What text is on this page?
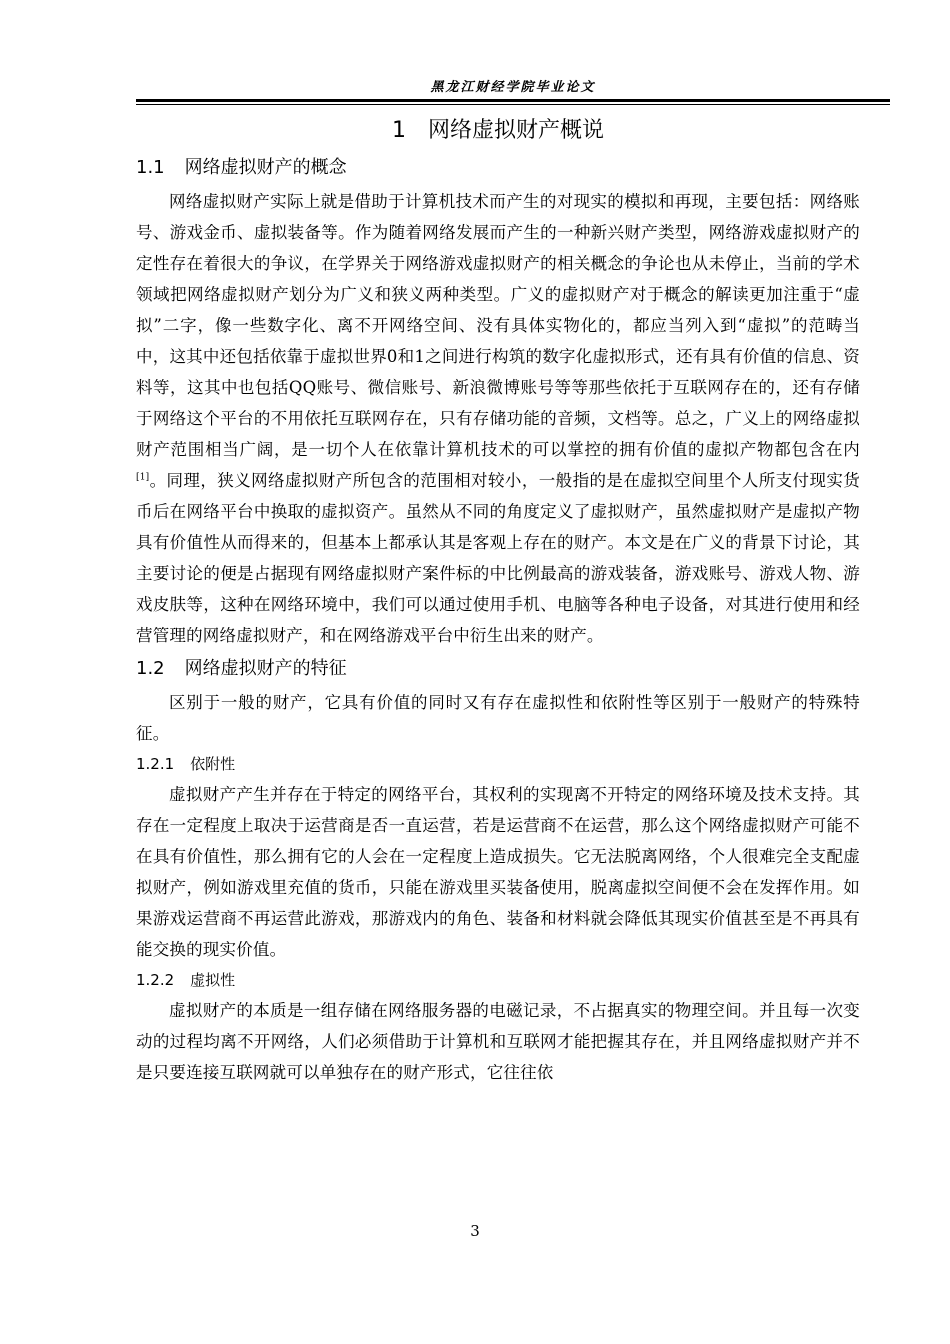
黑龙江财经学院毕业论文
1 网络虚拟财产概说
1.1 网络虚拟财产的概念

网络虚拟财产实际上就是借助于计算机技术而产生的对现实的模拟和再现，主要包括：网络账号、游戏金币、虚拟装备等。作为随着网络发展而产生的一种新兴财产类型，网络游戏虚拟财产的定性存在着很大的争议，在学界关于网络游戏虚拟财产的相关概念的争论也从未停止，当前的学术领域把网络虚拟财产划分为广义和狭义两种类型。广义的虚拟财产对于概念的解读更加注重于“虚拟”二字，像一些数字化、离不开网络空间、没有具体实物化的，都应当列入到“虚拟”的范畴当中，这其中还包括依靠于虚拟世界0和1之间进行构筑的数字化虚拟形式，还有具有价值的信息、资料等，这其中也包括QQ账号、微信账号、新浪微博账号等等那些依托于互联网存在的，还有存储于网络这个平台的不用依托互联网存在，只有存储功能的音频，文档等。总之，广义上的网络虚拟财产范围相当广阔，是一切个人在依靠计算机技术的可以掌控的拥有价值的虚拟产物都包含在内[1]。同理，狭义网络虚拟财产所包含的范围相对较小，一般指的是在虚拟空间里个人所支付现实货币后在网络平台中换取的虚拟资产。虽然从不同的角度定义了虚拟财产，虽然虚拟财产是虚拟产物具有价值性从而得来的，但基本上都承认其是客观上存在的财产。本文是在广义的背景下讨论，其主要讨论的便是占据现有网络虚拟财产案件标的中比例最高的游戏装备，游戏账号、游戏人物、游戏皮肤等，这种在网络环境中，我们可以通过使用手机、电脑等各种电子设备，对其进行使用和经营管理的网络虚拟财产，和在网络游戏平台中衍生出来的财产。

1.2 网络虚拟财产的特征

区别于一般的财产，它具有价值的同时又有存在虚拟性和依附性等区别于一般财产的特殊特征。

1.2.1 依附性

虚拟财产产生并存在于特定的网络平台，其权利的实现离不开特定的网络环境及技术支持。其存在一定程度上取决于运营商是否一直运营，若是运营商不在运营，那么这个网络虚拟财产可能不在具有价值性，那么拥有它的人会在一定程度上造成损失。它无法脱离网络，个人很难完全支配虚拟财产，例如游戏里充值的货币，只能在游戏里买装备使用，脱离虚拟空间便不会在发挥作用。如果游戏运营商不再运营此游戏，那游戏内的角色、装备和材料就会降低其现实价值甚至是不再具有能交换的现实价值。

1.2.2 虚拟性

虚拟财产的本质是一组存储在网络服务器的电磁记录，不占据真实的物理空间。并且每一次变动的过程均离不开网络，人们必须借助于计算机和互联网才能把握其存在，并且网络虚拟财产并不是只要连接互联网就可以单独存在的财产形式，它往往依

3
